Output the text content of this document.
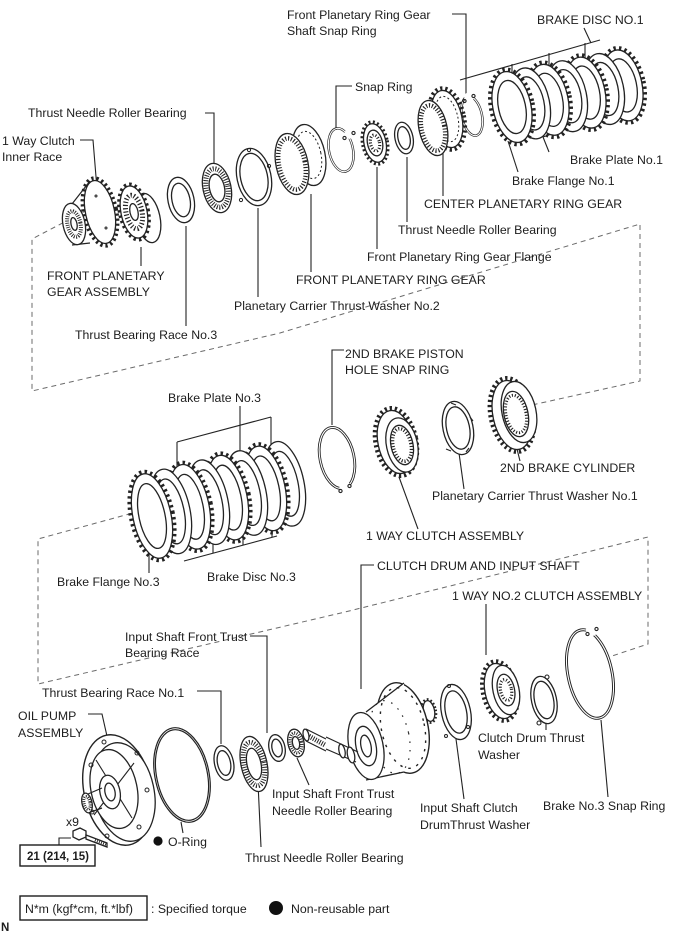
Front Planetary Ring Gear
Shaft Snap Ring
BRAKE DISC NO.1
Snap Ring
Thrust Needle Roller Bearing
1 Way Clutch
Inner Race	Brake Plate No.1
Brake Flange No.1
CENTER PLANETARY RING GEAR
Thrust Needle Roller Bearing
Front Planetary Ring Gear Flange
FRONT PLANETARY RING GEAR
Planetary Carrier Thrust Washer No.2
FRONT PLANETARY
GEAR ASSEMBLY
Thrust Bearing Race No.3
2ND BRAKE PISTON
HOLE SNAP RING
Brake Plate No.3
2ND BRAKE CYLINDER
Planetary Carrier Thrust Washer No.1
1 WAY CLUTCH ASSEMBLY
Brake Flange No.3	Brake Disc No.3
CLUTCH DRUM AND INPUT SHAFT
1 WAY NO.2 CLUTCH ASSEMBLY
Input Shaft Front Trust
Bearing Race
Thrust Bearing Race No.1
OIL PUMP
ASSEMBLY	Clutch Drum Thrust
Washer
O-Ring
Input Shaft Front Trust
Needle Roller Bearing Input Shaft Clutch
DrumThrust Washer
Brake No.3 Snap Ring
Thrust Needle Roller Bearing
x9
21 (214, 15)
N*m (kgf*cm, ft.*lbf) : Specified torque	Non-reusable part
N
